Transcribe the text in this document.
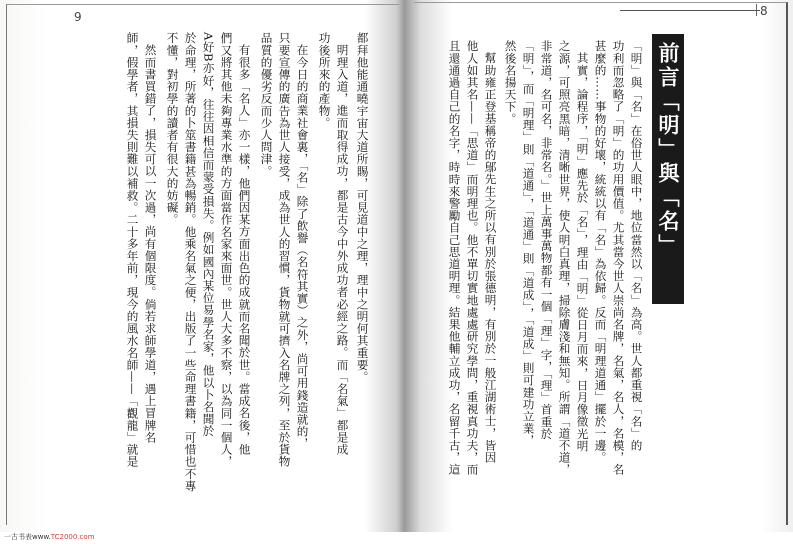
9	8
前言「明」與「名」
「明」與「名」在俗世人眼中，地位當然以「名」為高。世人都重視「名」的
功利而忽略了「明」的功用價值。尤其當今世人崇尚名牌，名氣，名人，名模，名
甚麼的……事物的好壞，統統以有「名」為依歸。反而「明理道通」擺於一邊。
其實，論程序，「明」應先於「名」，理由「明」從日月而來，日月像徵光明
之源，可照亮黑暗，清晰世界，使人明白真理，掃除膚淺和無知。所謂「道不道，
非常道，名可名，非常名。」世上萬事萬物都有一個「理」字，「理」首重於
「明」，而「明理」則「道通」，「道通」則「道成」，「道成」則可建功立業，
然後名揚天下。
幫助雍正登基稱帝的鄔先生之所以有別於張德明，有別於一般江湖術士，皆因
他人如其名——「思道」而明理也。他不單切實地處處研究學問，重視真功夫，而
且還通過自己的名字，時時來警勵自己思道明理。結果他輔立成功，名留千古，這
都拜他能通曉宇宙大道所賜，可見道中之理，理中之明何其重要。
明理入道，進而取得成功，都是古今中外成功者必經之路。而「名氣」都是成
功後所來的產物。
在今日的商業社會裏，「名」除了飲譽（名符其實）之外，尚可用錢造就的，
只要宣傳的廣告為世人接受，成為世人的習慣，貨物就可擠入名牌之列，至於貨物
品質的優劣反而少人問津。
有很多「名人」亦一樣，他們因某方面出色的成就而名聞於世。當成名後，他
們又將其他未夠專業水準的方面當作名家來面世。世人大多不察，以為同一個人，
A好B亦好，往往因相信而蒙受損失。例如國內某位易學名家，他以卜名聞於
於命理，所著的卜筮書籍甚為暢銷。他乘名氣之便，出版了一些命理書籍，可惜也不專
不懂，對初學的讀者有很大的妨礙。
然而書買錯了，損失可以一次過，尚有個限度。倘若求師學道，遇上冒牌名
師，假學者，其損失則難以補救。二十多年前，現今的風水名師——「觀龍」就是
一古书表www.TC2000.com
